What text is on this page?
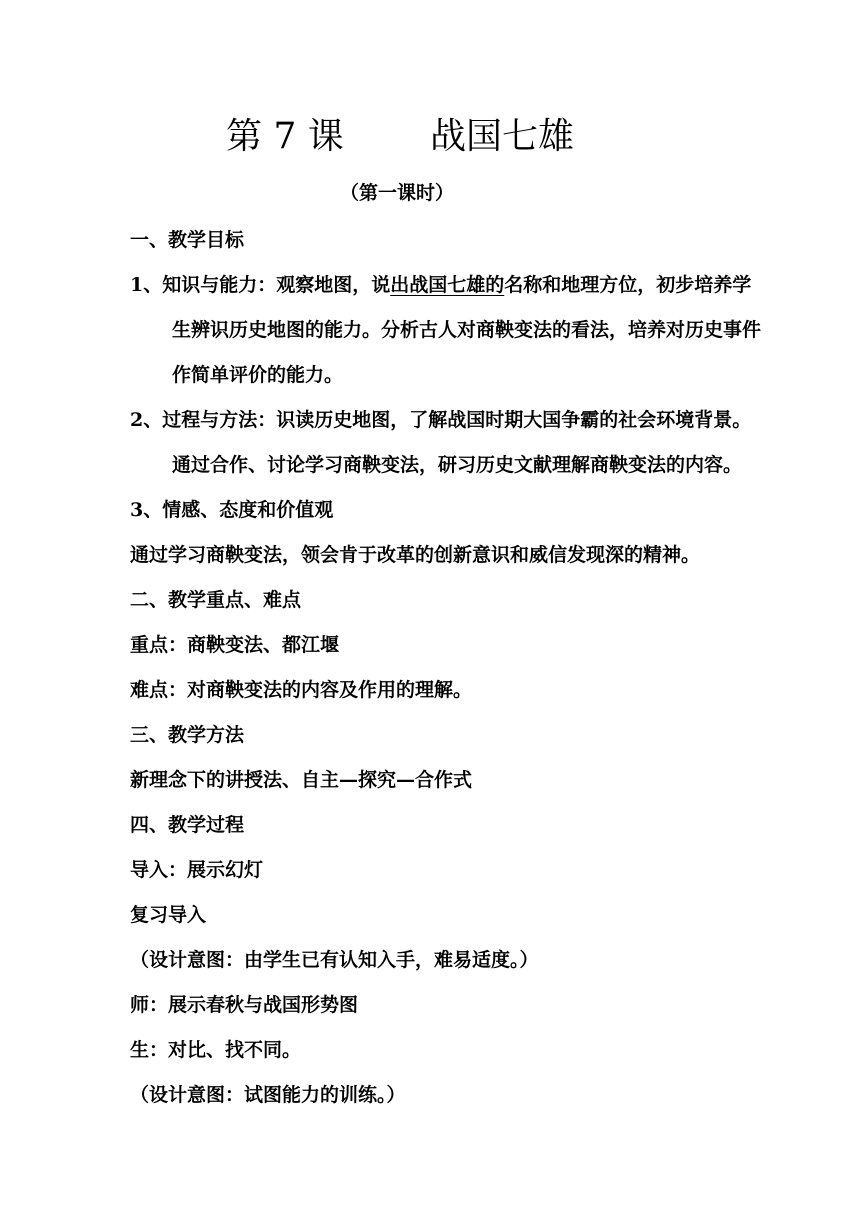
第 7 课

战国七雄

（第一课时）
一、教学目标
1、知识与能力：观察地图，说出战国七雄的名称和地理方位，初步培养学
生辨识历史地图的能力。分析古人对商鞅变法的看法，培养对历史事件
作简单评价的能力。
2、过程与方法：识读历史地图，了解战国时期大国争霸的社会环境背景。
通过合作、讨论学习商鞅变法，研习历史文献理解商鞅变法的内容。
3、情感、态度和价值观
通过学习商鞅变法，领会肯于改革的创新意识和威信发现深的精神。
二、教学重点、难点
重点：商鞅变法、都江堰
难点：对商鞅变法的内容及作用的理解。
三、教学方法
新理念下的讲授法、自主—探究—合作式
四、教学过程
导入：展示幻灯
复习导入
（设计意图：由学生已有认知入手，难易适度。）
师：展示春秋与战国形势图
生：对比、找不同。
（设计意图：试图能力的训练。）
